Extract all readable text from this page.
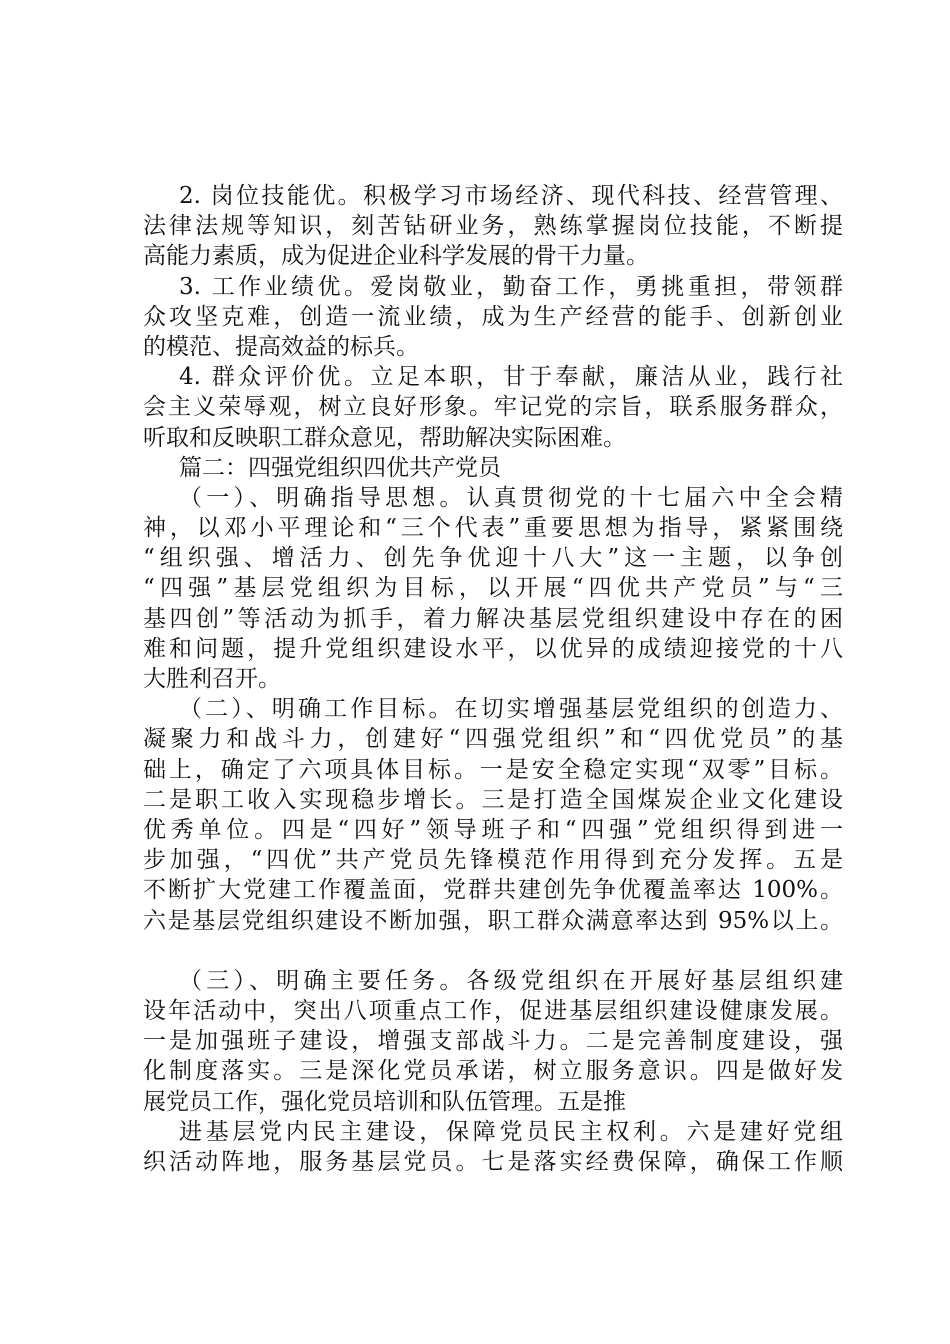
2. 岗位技能优。积极学习市场经济、现代科技、经营管理、
法律法规等知识，刻苦钻研业务，熟练掌握岗位技能，不断提
高能力素质，成为促进企业科学发展的骨干力量。
3. 工作业绩优。爱岗敬业，勤奋工作，勇挑重担，带领群
众攻坚克难，创造一流业绩，成为生产经营的能手、创新创业
的模范、提高效益的标兵。
4. 群众评价优。立足本职，甘于奉献，廉洁从业，践行社
会主义荣辱观，树立良好形象。牢记党的宗旨，联系服务群众，
听取和反映职工群众意见，帮助解决实际困难。
篇二：四强党组织四优共产党员
（一）、明确指导思想。认真贯彻党的十七届六中全会精
神，以邓小平理论和“三个代表”重要思想为指导，紧紧围绕
“组织强、增活力、创先争优迎十八大”这一主题，以争创
“四强”基层党组织为目标，以开展“四优共产党员”与“三
基四创”等活动为抓手，着力解决基层党组织建设中存在的困
难和问题，提升党组织建设水平，以优异的成绩迎接党的十八
大胜利召开。
（二）、明确工作目标。在切实增强基层党组织的创造力、
凝聚力和战斗力，创建好“四强党组织”和“四优党员”的基
础上，确定了六项具体目标。一是安全稳定实现“双零”目标。
二是职工收入实现稳步增长。三是打造全国煤炭企业文化建设
优秀单位。四是“四好”领导班子和“四强”党组织得到进一
步加强，“四优”共产党员先锋模范作用得到充分发挥。五是
不断扩大党建工作覆盖面，党群共建创先争优覆盖率达 100%。
六是基层党组织建设不断加强，职工群众满意率达到 95%以上。
（三）、明确主要任务。各级党组织在开展好基层组织建
设年活动中，突出八项重点工作，促进基层组织建设健康发展。
一是加强班子建设，增强支部战斗力。二是完善制度建设，强
化制度落实。三是深化党员承诺，树立服务意识。四是做好发
展党员工作，强化党员培训和队伍管理。五是推
进基层党内民主建设，保障党员民主权利。六是建好党组
织活动阵地，服务基层党员。七是落实经费保障，确保工作顺
